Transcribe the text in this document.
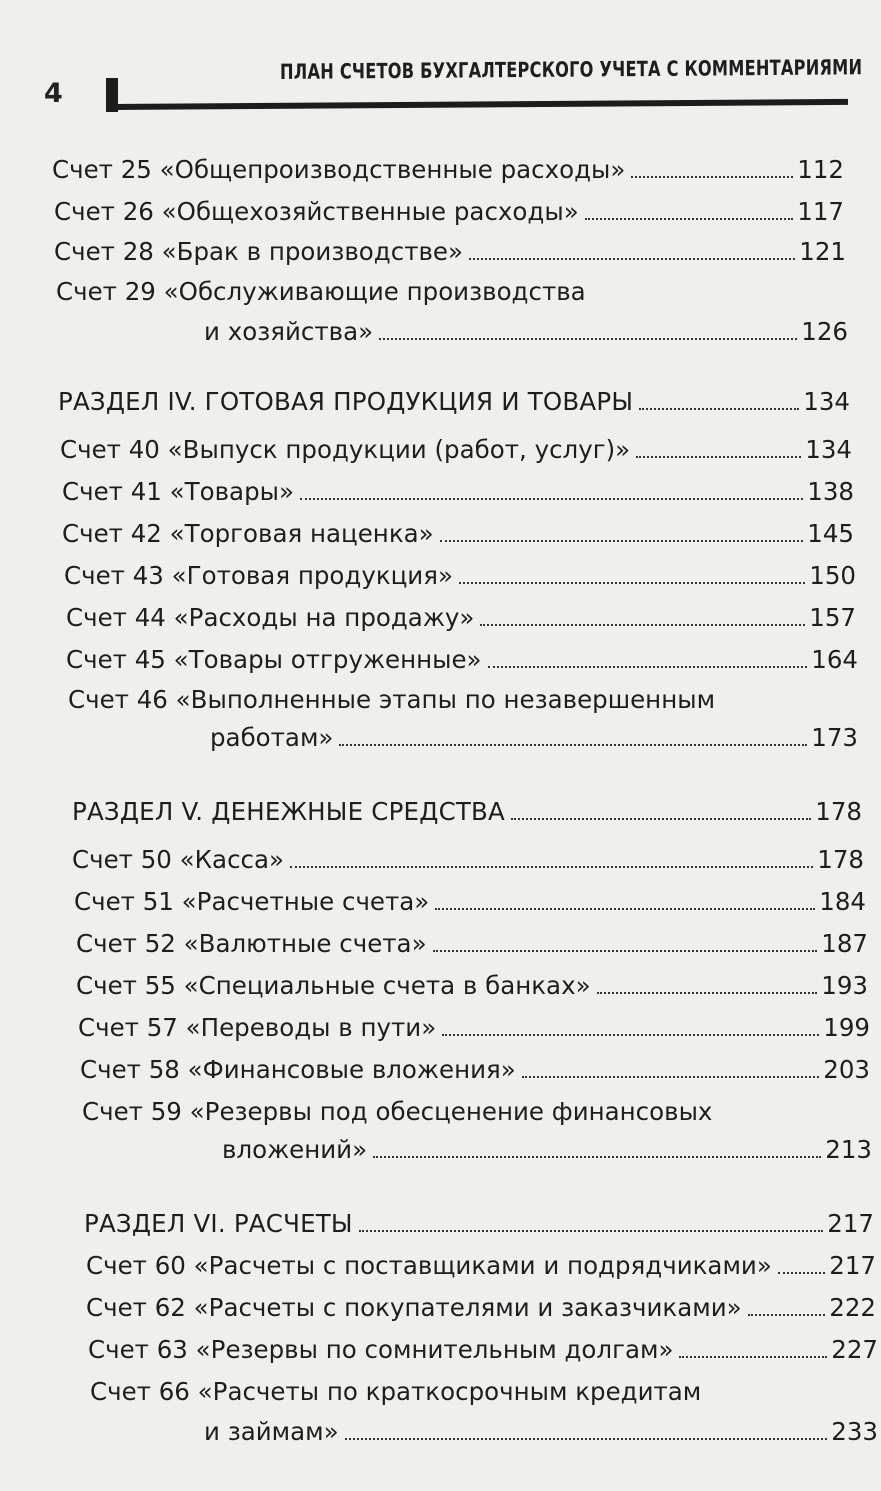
4
ПЛАН СЧЕТОВ БУХГАЛТЕРСКОГО УЧЕТА С КОММЕНТАРИЯМИ
Счет 25 «Общепроизводственные расходы»	112
Счет 26 «Общехозяйственные расходы»	117
Счет 28 «Брак в производстве»	121
Счет 29 «Обслуживающие производства
и хозяйства»	126
РАЗДЕЛ IV. ГОТОВАЯ ПРОДУКЦИЯ И ТОВАРЫ	134
Счет 40 «Выпуск продукции (работ, услуг)»	134
Счет 41 «Товары»	138
Счет 42 «Торговая наценка»	145
Счет 43 «Готовая продукция»	150
Счет 44 «Расходы на продажу»	157
Счет 45 «Товары отгруженные»	164
Счет 46 «Выполненные этапы по незавершенным
работам»	173
РАЗДЕЛ V. ДЕНЕЖНЫЕ СРЕДСТВА	178
Счет 50 «Касса»	178
Счет 51 «Расчетные счета»	184
Счет 52 «Валютные счета»	187
Счет 55 «Специальные счета в банках»	193
Счет 57 «Переводы в пути»	199
Счет 58 «Финансовые вложения»	203
Счет 59 «Резервы под обесценение финансовых
вложений»	213
РАЗДЕЛ VI. РАСЧЕТЫ	217
Счет 60 «Расчеты с поставщиками и подрядчиками» 217
Счет 62 «Расчеты с покупателями и заказчиками»	222
Счет 63 «Резервы по сомнительным долгам»	227
Счет 66 «Расчеты по краткосрочным кредитам
и займам»	233
